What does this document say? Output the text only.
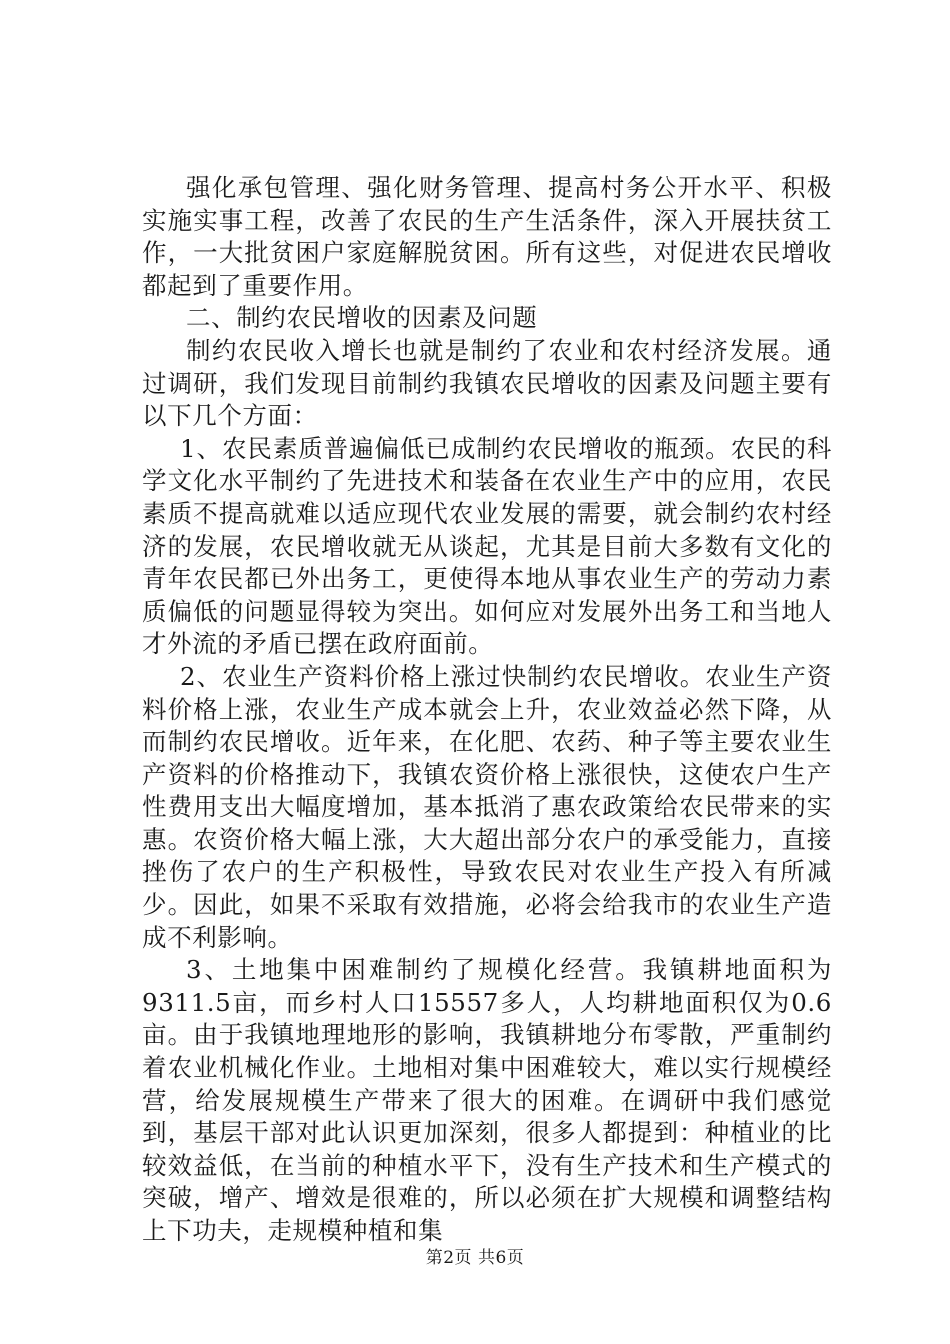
强化承包管理、强化财务管理、提高村务公开水平、积极实施实事工程，改善了农民的生产生活条件，深入开展扶贫工作，一大批贫困户家庭解脱贫困。所有这些，对促进农民增收都起到了重要作用。

二、制约农民增收的因素及问题

制约农民收入增长也就是制约了农业和农村经济发展。通过调研，我们发现目前制约我镇农民增收的因素及问题主要有以下几个方面：

1、农民素质普遍偏低已成制约农民增收的瓶颈。农民的科学文化水平制约了先进技术和装备在农业生产中的应用，农民素质不提高就难以适应现代农业发展的需要，就会制约农村经济的发展，农民增收就无从谈起，尤其是目前大多数有文化的青年农民都已外出务工，更使得本地从事农业生产的劳动力素质偏低的问题显得较为突出。如何应对发展外出务工和当地人才外流的矛盾已摆在政府面前。

2、农业生产资料价格上涨过快制约农民增收。农业生产资料价格上涨，农业生产成本就会上升，农业效益必然下降，从而制约农民增收。近年来，在化肥、农药、种子等主要农业生产资料的价格推动下，我镇农资价格上涨很快，这使农户生产性费用支出大幅度增加，基本抵消了惠农政策给农民带来的实惠。农资价格大幅上涨，大大超出部分农户的承受能力，直接挫伤了农户的生产积极性，导致农民对农业生产投入有所减少。因此，如果不采取有效措施，必将会给我市的农业生产造成不利影响。

3、土地集中困难制约了规模化经营。我镇耕地面积为9311.5亩，而乡村人口15557多人，人均耕地面积仅为0.6亩。由于我镇地理地形的影响，我镇耕地分布零散，严重制约着农业机械化作业。土地相对集中困难较大，难以实行规模经营，给发展规模生产带来了很大的困难。在调研中我们感觉到，基层干部对此认识更加深刻，很多人都提到：种植业的比较效益低，在当前的种植水平下，没有生产技术和生产模式的突破，增产、增效是很难的，所以必须在扩大规模和调整结构上下功夫，走规模种植和集

第2页 共6页
